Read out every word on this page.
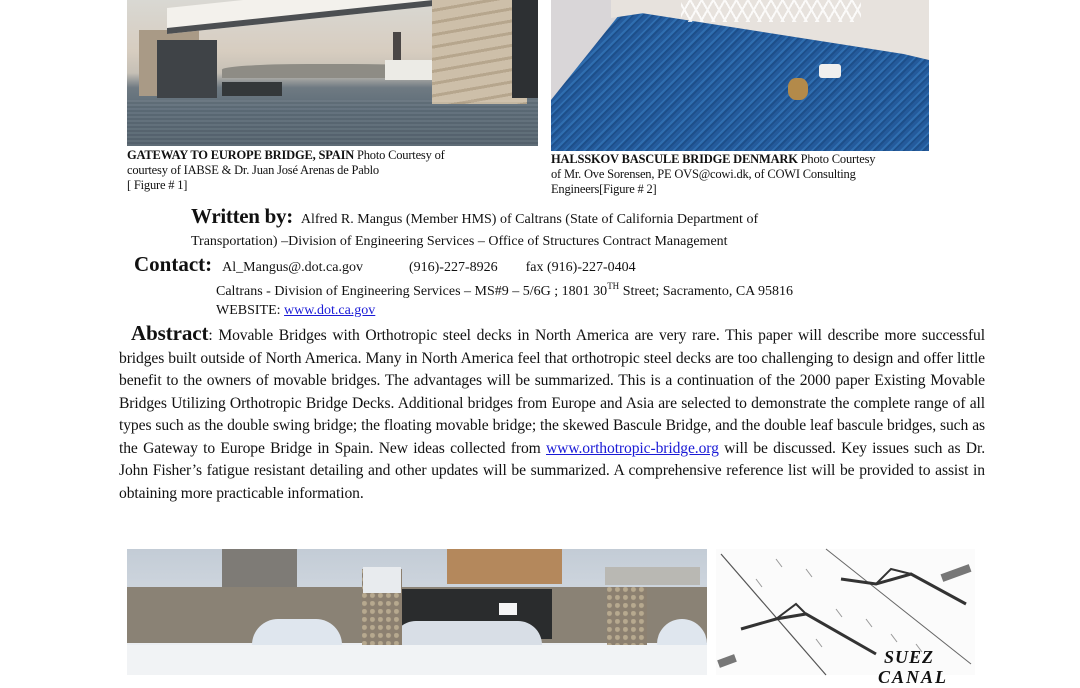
GATEWAY TO EUROPE BRIDGE, SPAIN Photo Courtesy of
courtesy of IABSE & Dr. Juan José Arenas de Pablo
[ Figure # 1]
HALSSKOV BASCULE BRIDGE DENMARK Photo Courtesy
of Mr. Ove Sorensen, PE OVS@cowi.dk, of COWI Consulting
Engineers[Figure # 2]
Written by: Alfred R. Mangus (Member HMS) of Caltrans (State of California Department of
Transportation) –Division of Engineering Services – Office of Structures Contract Management
Contact: Al_Mangus@.dot.ca.gov	(916)-227-8926 fax (916)-227-0404
Caltrans - Division of Engineering Services – MS#9 – 5/6G ; 1801 30TH Street; Sacramento, CA 95816
WEBSITE: www.dot.ca.gov
Abstract: Movable Bridges with Orthotropic steel decks in North America are very rare. This paper will describe more successful bridges built outside of North America. Many in North America feel that orthotropic steel decks are too challenging to design and offer little benefit to the owners of movable bridges. The advantages will be summarized. This is a continuation of the 2000 paper Existing Movable Bridges Utilizing Orthotropic Bridge Decks. Additional bridges from Europe and Asia are selected to demonstrate the complete range of all types such as the double swing bridge; the floating movable bridge; the skewed Bascule Bridge, and the double leaf bascule bridges, such as the Gateway to Europe Bridge in Spain. New ideas collected from www.orthotropic-bridge.org will be discussed. Key issues such as Dr. John Fisher’s fatigue resistant detailing and other updates will be summarized. A comprehensive reference list will be provided to assist in obtaining more practicable information.
SUEZ
CANAL
